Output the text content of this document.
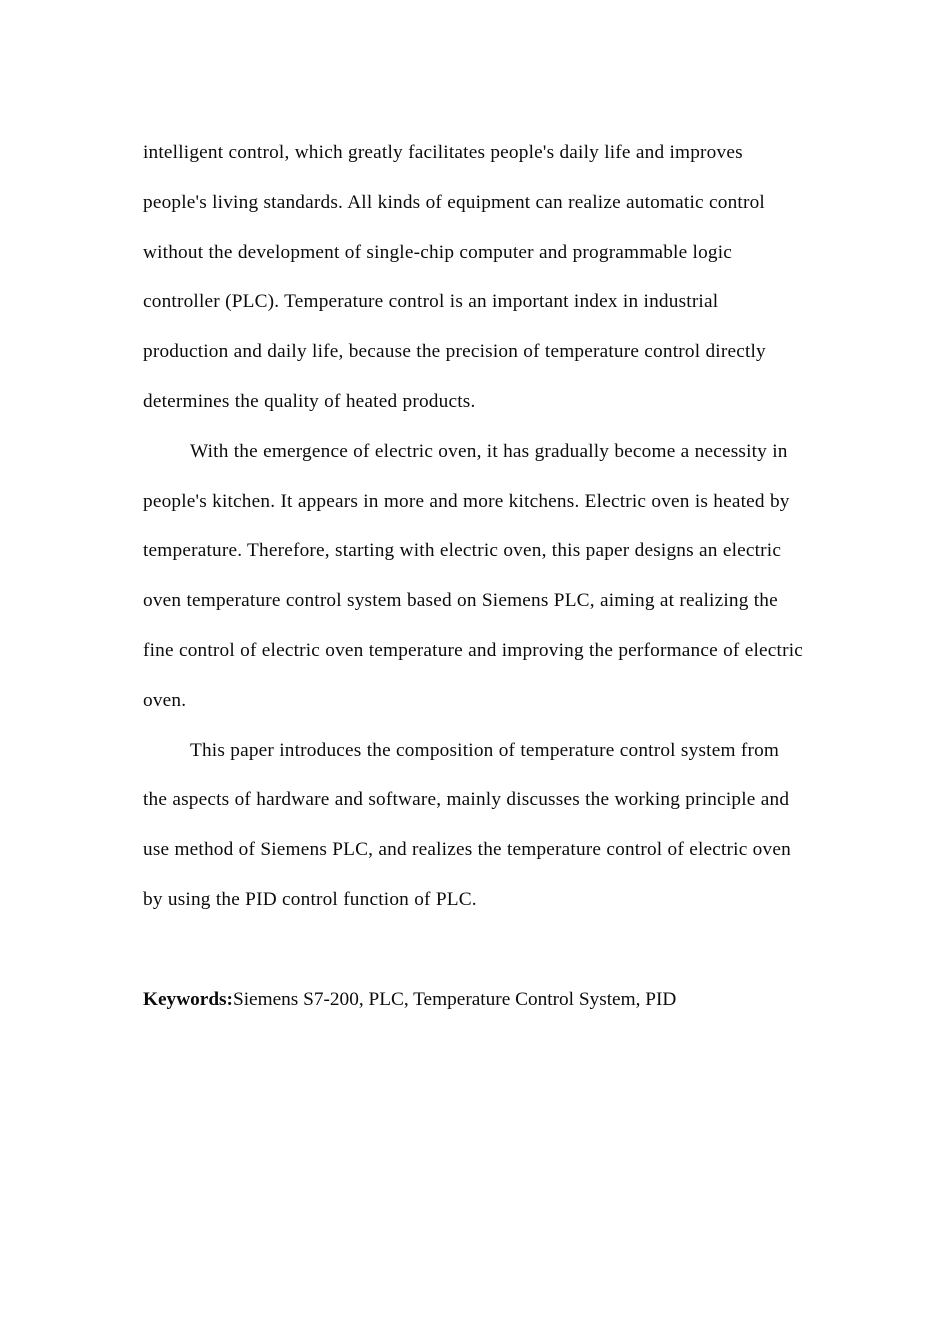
intelligent control, which greatly facilitates people's daily life and improves people's living standards. All kinds of equipment can realize automatic control without the development of single-chip computer and programmable logic controller (PLC). Temperature control is an important index in industrial production and daily life, because the precision of temperature control directly determines the quality of heated products.

With the emergence of electric oven, it has gradually become a necessity in people's kitchen. It appears in more and more kitchens. Electric oven is heated by temperature. Therefore, starting with electric oven, this paper designs an electric oven temperature control system based on Siemens PLC, aiming at realizing the fine control of electric oven temperature and improving the performance of electric oven.

This paper introduces the composition of temperature control system from the aspects of hardware and software, mainly discusses the working principle and use method of Siemens PLC, and realizes the temperature control of electric oven by using the PID control function of PLC.

Keywords:Siemens S7-200, PLC, Temperature Control System, PID
